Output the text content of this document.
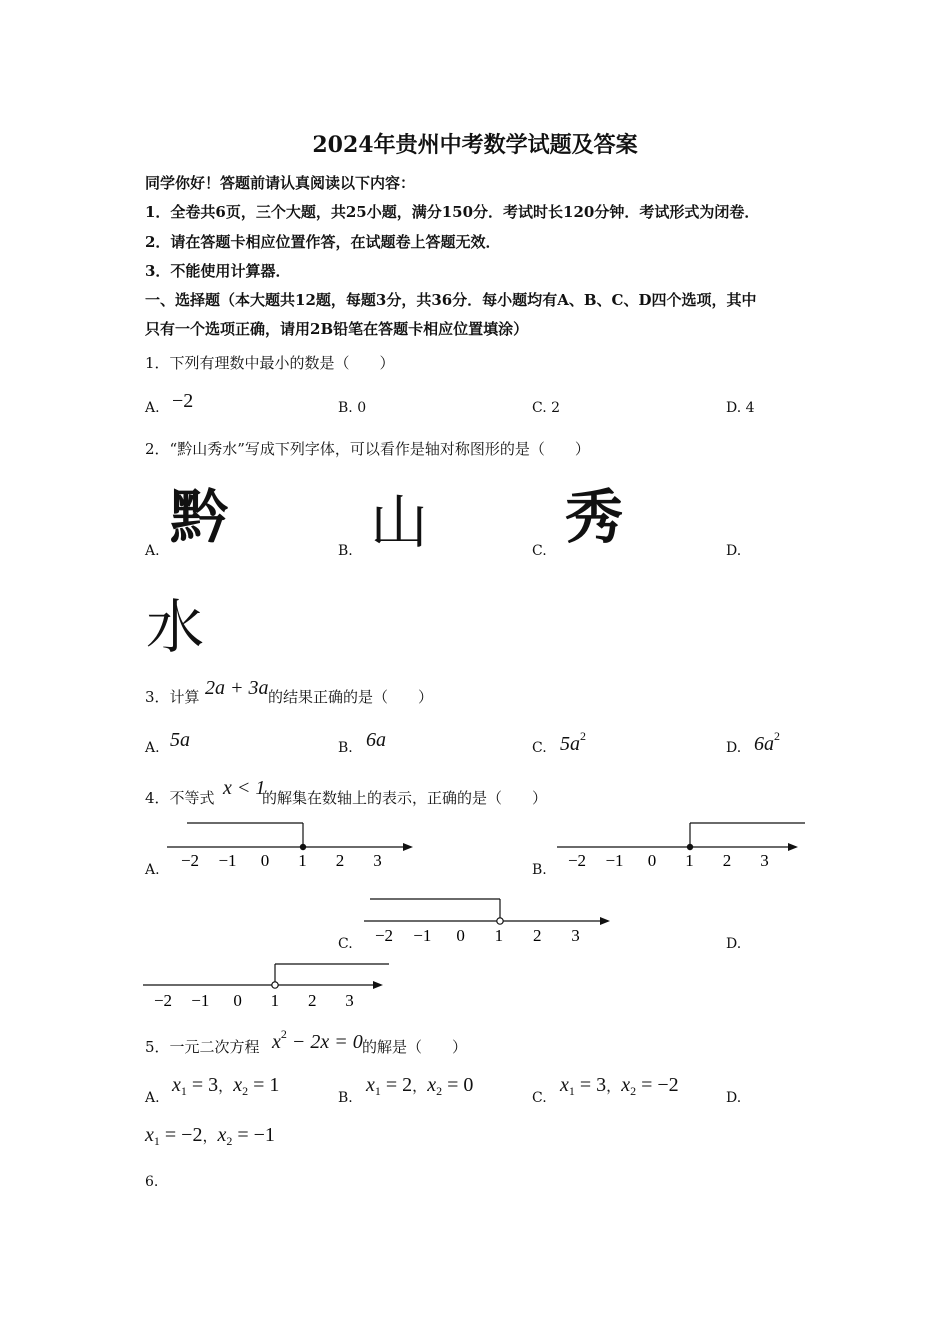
2024年贵州中考数学试题及答案
同学你好！答题前请认真阅读以下内容：
1．全卷共6页，三个大题，共25小题，满分150分．考试时长120分钟．考试形式为闭卷．
2．请在答题卡相应位置作答，在试题卷上答题无效．
3．不能使用计算器．
一、选择题（本大题共12题，每题3分，共36分．每小题均有A、B、C、D四个选项，其中
只有一个选项正确，请用2B铅笔在答题卡相应位置填涂）
1．下列有理数中最小的数是（　　）
A. −2	B. 0	C. 2	D. 4
2．“黔山秀水”写成下列字体，可以看作是轴对称图形的是（　　）
黔 山 秀
A.	B.	C.	D.
水
3．计算 2a + 3a 的结果正确的是（　　）
A. 5a	B. 6a	C. $5a^2$
D. $6a^2$
4．不等式 x < 1
的解集在数轴上的表示，正确的是（　　）
−2 −1 0 1 2 3
A.	−2 −1 0 1 2 3
B.
−2 −1 0 1 2 3
C.	D.
−2 −1 0 1 2 3
5．一元二次方程 $x^2 - 2x = 0$ 的解是（　　）
A.
$x_1 = 3$，$x_2 = 1$
B.
$x_1 = 2$，$x_2 = 0$
C.
$x_1 = 3$，$x_2 = -2$
D.
$x_1 = -2$，$x_2 = -1$
6.
